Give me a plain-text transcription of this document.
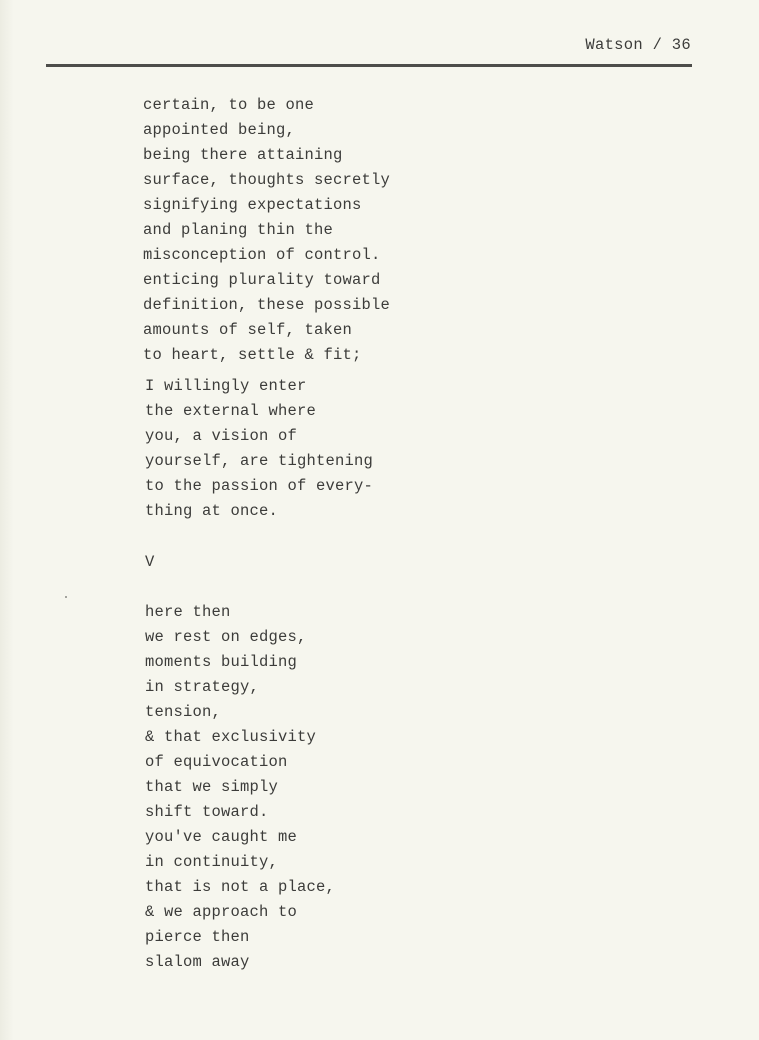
Watson / 36
certain, to be one
appointed being,
being there attaining
surface, thoughts secretly
signifying expectations
and planing thin the
misconception of control.
enticing plurality toward
definition, these possible
amounts of self, taken
to heart, settle & fit;
I willingly enter
the external where
you, a vision of
yourself, are tightening
to the passion of every-
thing at once.
V
here then
we rest on edges,
moments building
in strategy,
tension,
& that exclusivity
of equivocation
that we simply
shift toward.
you've caught me
in continuity,
that is not a place,
& we approach to
pierce then
slalom away
